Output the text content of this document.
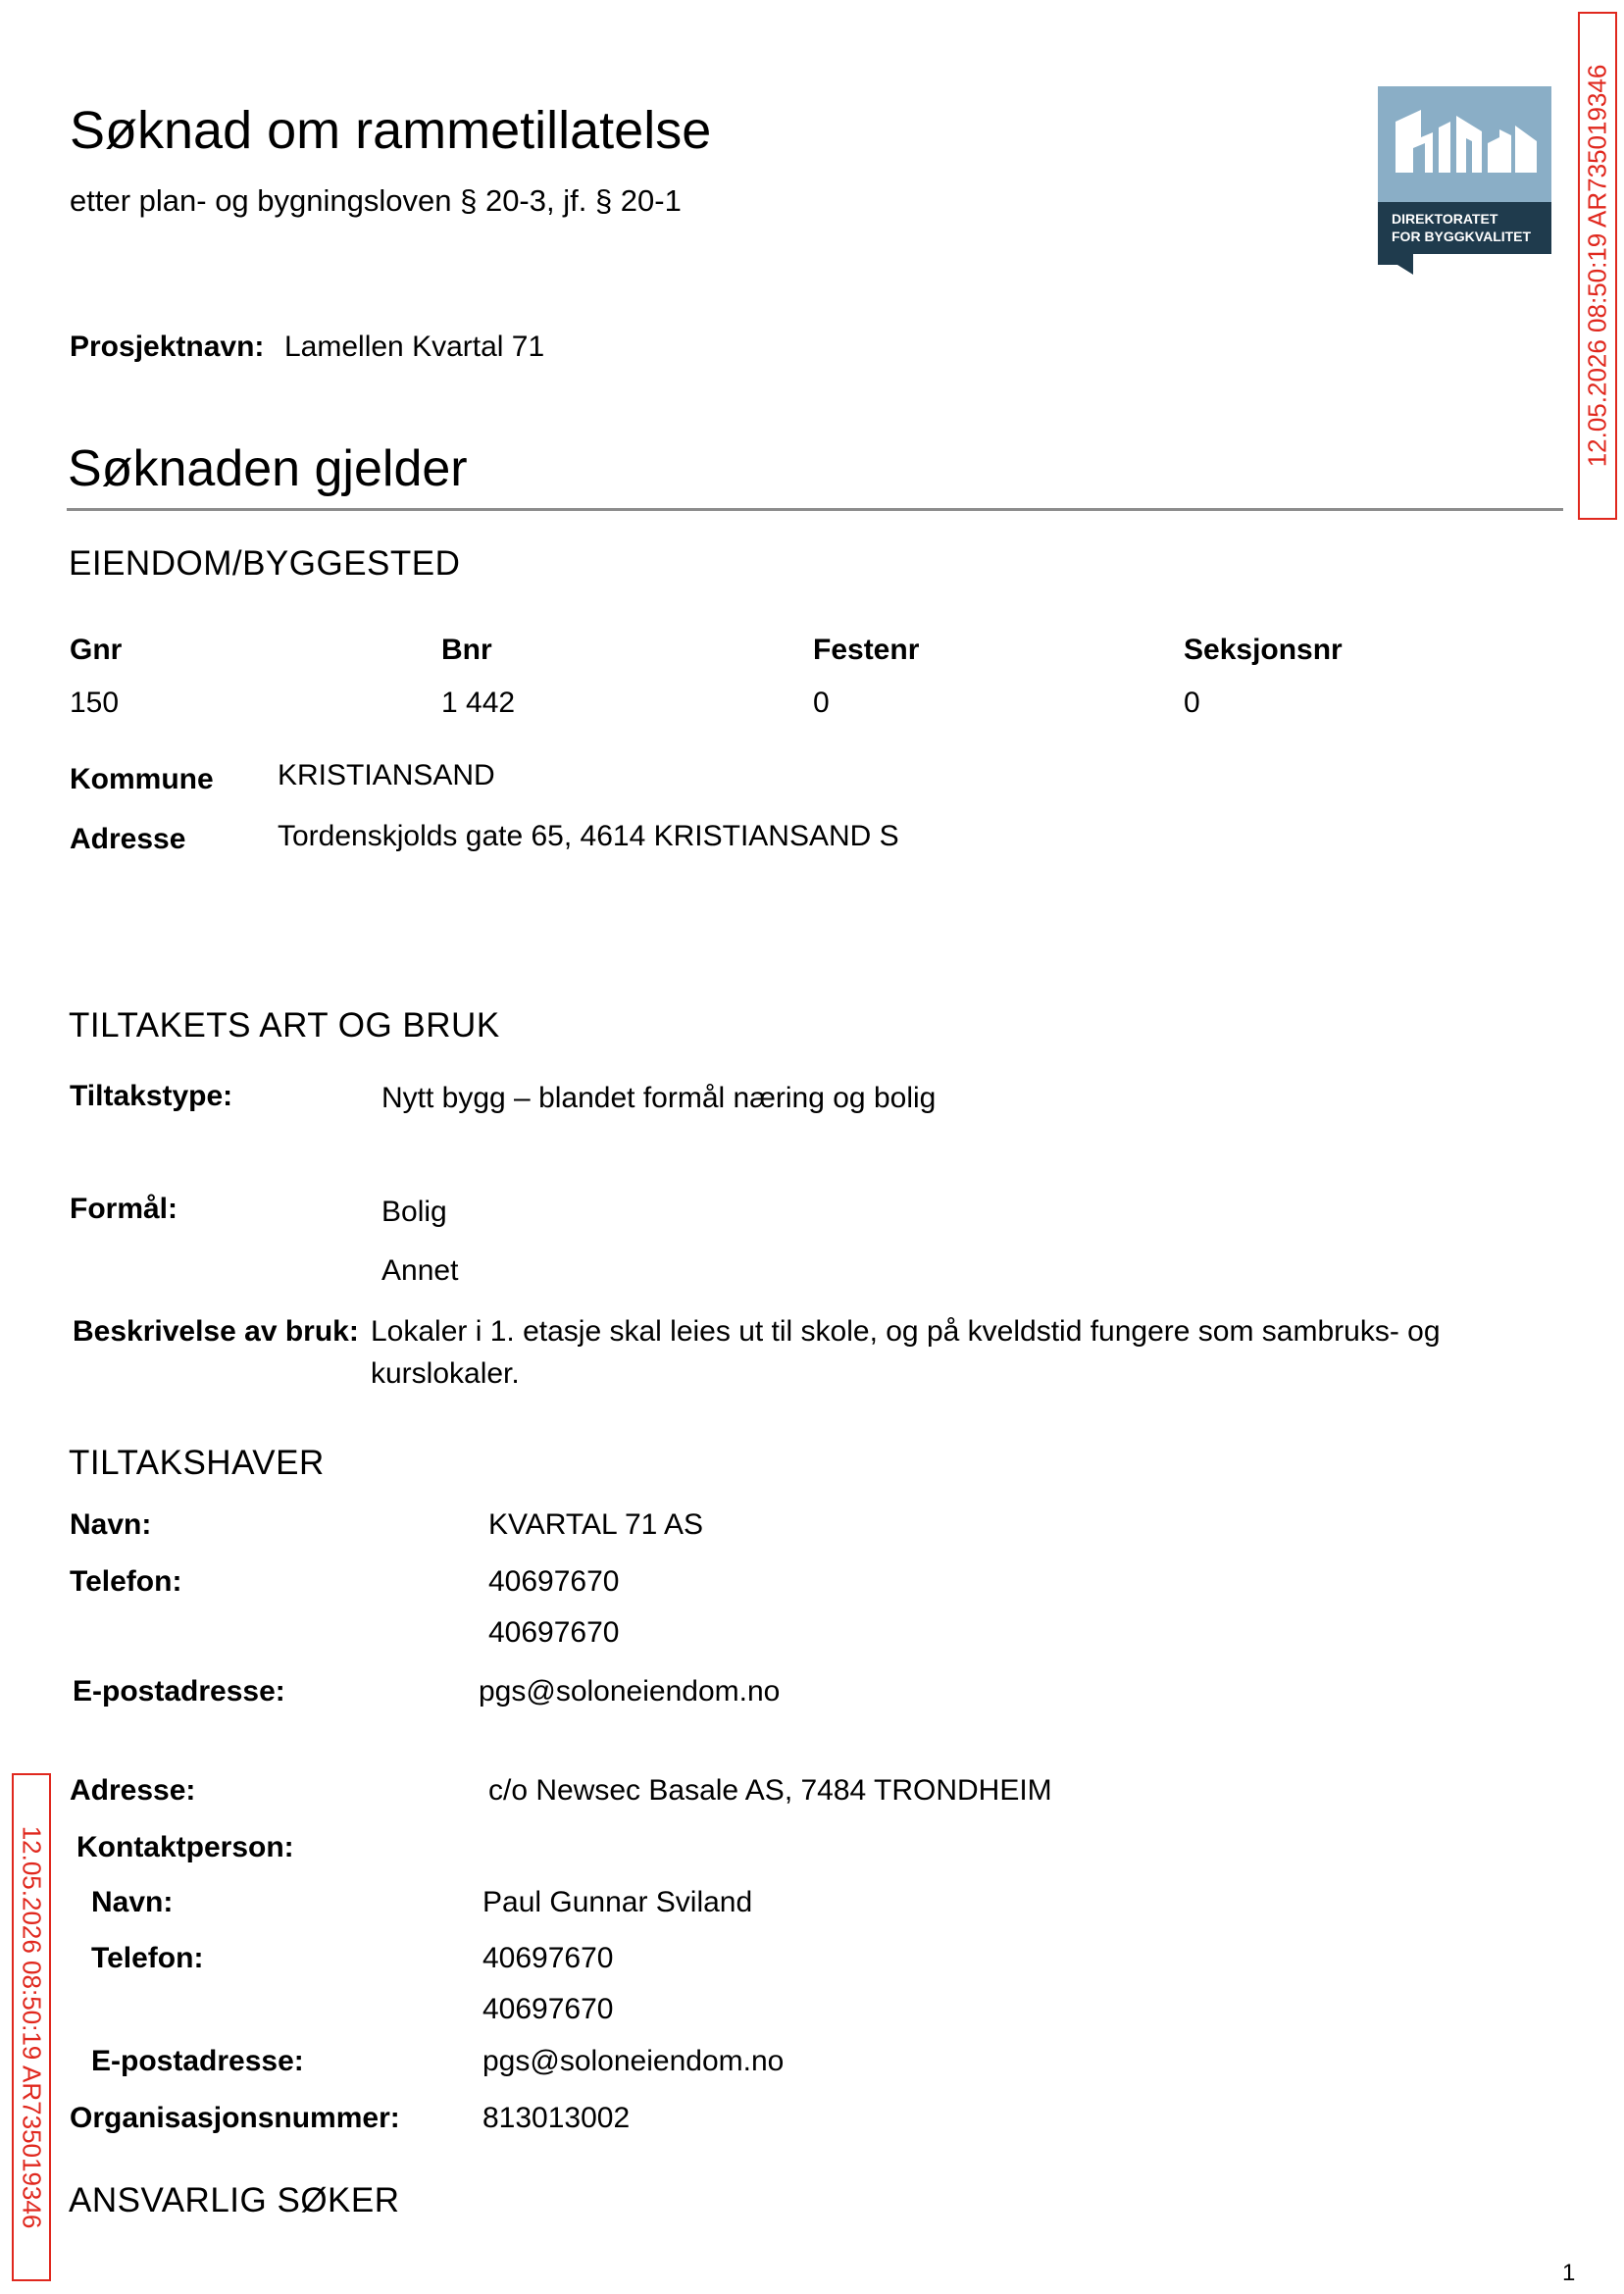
Søknad om rammetillatelse
etter plan- og bygningsloven § 20-3, jf. § 20-1
DIREKTORATET
FOR BYGGKVALITET 12.05.2026 08:50:19 AR735019346
12.05.2026 08:50:19 AR735019346
Prosjektnavn: Lamellen Kvartal 71
Søknaden gjelder
EIENDOM/BYGGESTED
Gnr	Bnr	Festenr	Seksjonsnr
150	1 442	0	0
Kommune KRISTIANSAND
Adresse	Tordenskjolds gate 65, 4614 KRISTIANSAND S
TILTAKETS ART OG BRUK
Tiltakstype:	Nytt bygg – blandet formål næring og bolig
Formål:	Bolig
Annet
Beskrivelse av bruk: Lokaler i 1. etasje skal leies ut til skole, og på kveldstid fungere som sambruks- og
kurslokaler.
TILTAKSHAVER
Navn:	KVARTAL 71 AS
Telefon:	40697670
40697670
E-postadresse:	pgs@soloneiendom.no
Adresse:	c/o Newsec Basale AS, 7484 TRONDHEIM
Kontaktperson:
Navn:	Paul Gunnar Sviland
Telefon:	40697670
40697670
E-postadresse:	pgs@soloneiendom.no
Organisasjonsnummer:	813013002
ANSVARLIG SØKER
1
